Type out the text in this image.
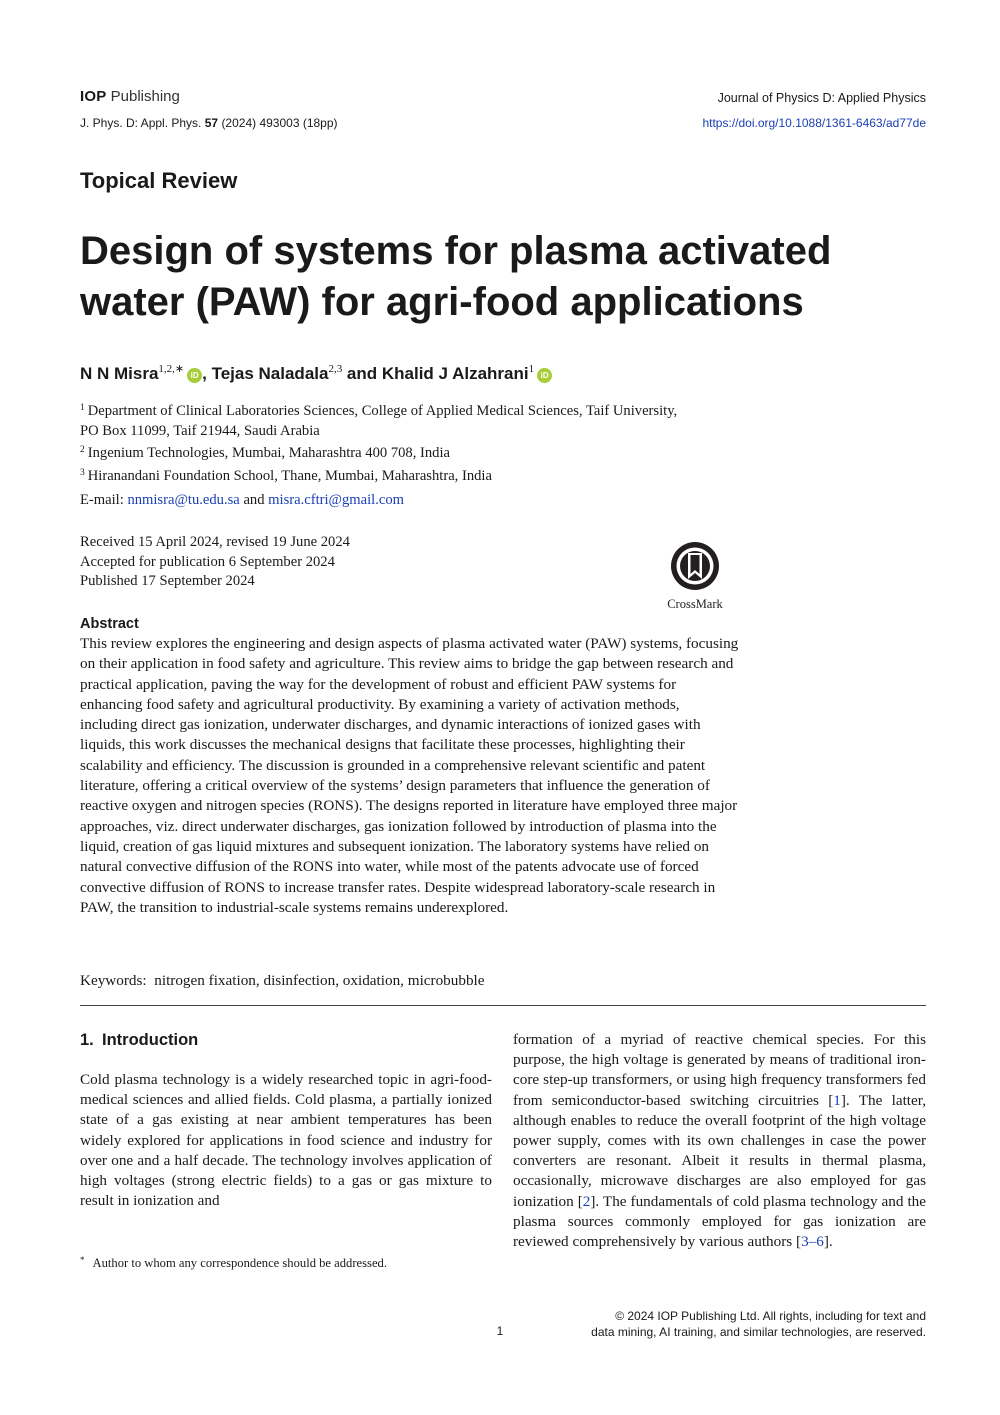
IOP Publishing	Journal of Physics D: Applied Physics
J. Phys. D: Appl. Phys. 57 (2024) 493003 (18pp)	https://doi.org/10.1088/1361-6463/ad77de
Topical Review
Design of systems for plasma activated water (PAW) for agri-food applications
N N Misra$^{1,2,∗}$iD , Tejas Naladala$^{2,3}$ and Khalid J Alzahrani$^1$iD
$^1$ Department of Clinical Laboratories Sciences, College of Applied Medical Sciences, Taif University,
PO Box 11099, Taif 21944, Saudi Arabia
$^2$ Ingenium Technologies, Mumbai, Maharashtra 400 708, India
$^3$ Hiranandani Foundation School, Thane, Mumbai, Maharashtra, India
E-mail: nnmisra@tu.edu.sa and misra.cftri@gmail.com
Received 15 April 2024, revised 19 June 2024
Accepted for publication 6 September 2024
Published 17 September 2024
CrossMark
Abstract

This review explores the engineering and design aspects of plasma activated water (PAW) systems, focusing on their application in food safety and agriculture. This review aims to bridge the gap between research and practical application, paving the way for the development of robust and efficient PAW systems for enhancing food safety and agricultural productivity. By examining a variety of activation methods, including direct gas ionization, underwater discharges, and dynamic interactions of ionized gases with liquids, this work discusses the mechanical designs that facilitate these processes, highlighting their scalability and efficiency. The discussion is grounded in a comprehensive relevant scientific and patent literature, offering a critical overview of the systems’ design parameters that influence the generation of reactive oxygen and nitrogen species (RONS). The designs reported in literature have employed three major approaches, viz. direct underwater discharges, gas ionization followed by introduction of plasma into the liquid, creation of gas liquid mixtures and subsequent ionization. The laboratory systems have relied on natural convective diffusion of the RONS into water, while most of the patents advocate use of forced convective diffusion of RONS to increase transfer rates. Despite widespread laboratory-scale research in PAW, the transition to industrial-scale systems remains underexplored.

Keywords: nitrogen fixation, disinfection, oxidation, microbubble
1. Introduction

Cold plasma technology is a widely researched topic in agri-food-medical sciences and allied fields. Cold plasma, a partially ionized state of a gas existing at near ambient temperatures has been widely explored for applications in food science and industry for over one and a half decade. The technology involves application of high voltages (strong electric fields) to a gas or gas mixture to result in ionization and

formation of a myriad of reactive chemical species. For this purpose, the high voltage is generated by means of traditional iron-core step-up transformers, or using high frequency transformers fed from semiconductor-based switching circuitries [1]. The latter, although enables to reduce the overall footprint of the high voltage power supply, comes with its own challenges in case the power converters are resonant. Albeit it results in thermal plasma, occasionally, microwave discharges are also employed for gas ionization [2]. The fundamentals of cold plasma technology and the plasma sources commonly employed for gas ionization are reviewed comprehensively by various authors [3–6].

* Author to whom any correspondence should be addressed.
1
© 2024 IOP Publishing Ltd. All rights, including for text and
data mining, AI training, and similar technologies, are reserved.
